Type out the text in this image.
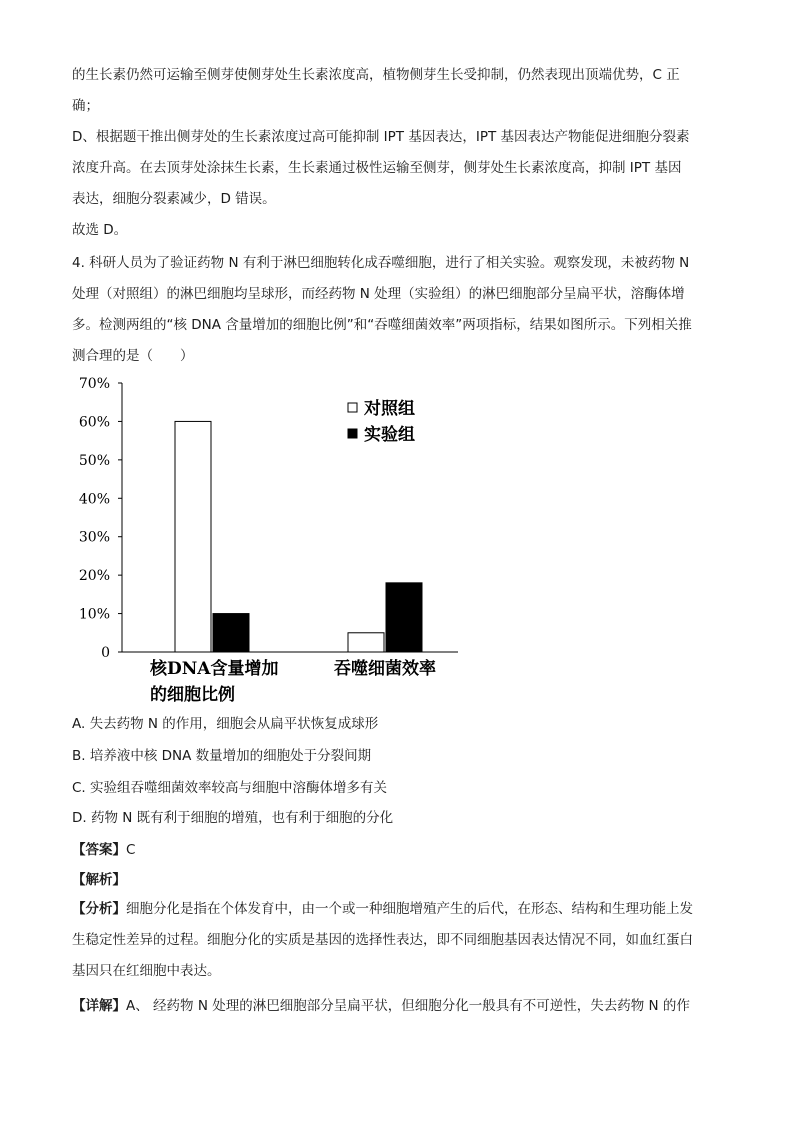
的生长素仍然可运输至侧芽使侧芽处生长素浓度高，植物侧芽生长受抑制，仍然表现出顶端优势，C 正
确；
D、根据题干推出侧芽处的生长素浓度过高可能抑制 IPT 基因表达，IPT 基因表达产物能促进细胞分裂素
浓度升高。在去顶芽处涂抹生长素，生长素通过极性运输至侧芽，侧芽处生长素浓度高，抑制 IPT 基因
表达，细胞分裂素减少，D 错误。
故选 D。
4. 科研人员为了验证药物 N 有利于淋巴细胞转化成吞噬细胞，进行了相关实验。观察发现，未被药物 N
处理（对照组）的淋巴细胞均呈球形，而经药物 N 处理（实验组）的淋巴细胞部分呈扁平状，溶酶体增
多。检测两组的“核 DNA 含量增加的细胞比例”和“吞噬细菌效率”两项指标，结果如图所示。下列相关推
测合理的是（　　）
0
10%
20%
30%
40%
50%
60%
70%
核DNA含量增加
的细胞比例
吞噬细菌效率
对照组
实验组

A. 失去药物 N 的作用，细胞会从扁平状恢复成球形

B. 培养液中核 DNA 数量增加的细胞处于分裂间期

C. 实验组吞噬细菌效率较高与细胞中溶酶体增多有关

D. 药物 N 既有利于细胞的增殖，也有利于细胞的分化

【答案】C

【解析】

【分析】细胞分化是指在个体发育中，由一个或一种细胞增殖产生的后代，在形态、结构和生理功能上发
生稳定性差异的过程。细胞分化的实质是基因的选择性表达，即不同细胞基因表达情况不同，如血红蛋白
基因只在红细胞中表达。

【详解】A、 经药物 N 处理的淋巴细胞部分呈扁平状，但细胞分化一般具有不可逆性，失去药物 N 的作
